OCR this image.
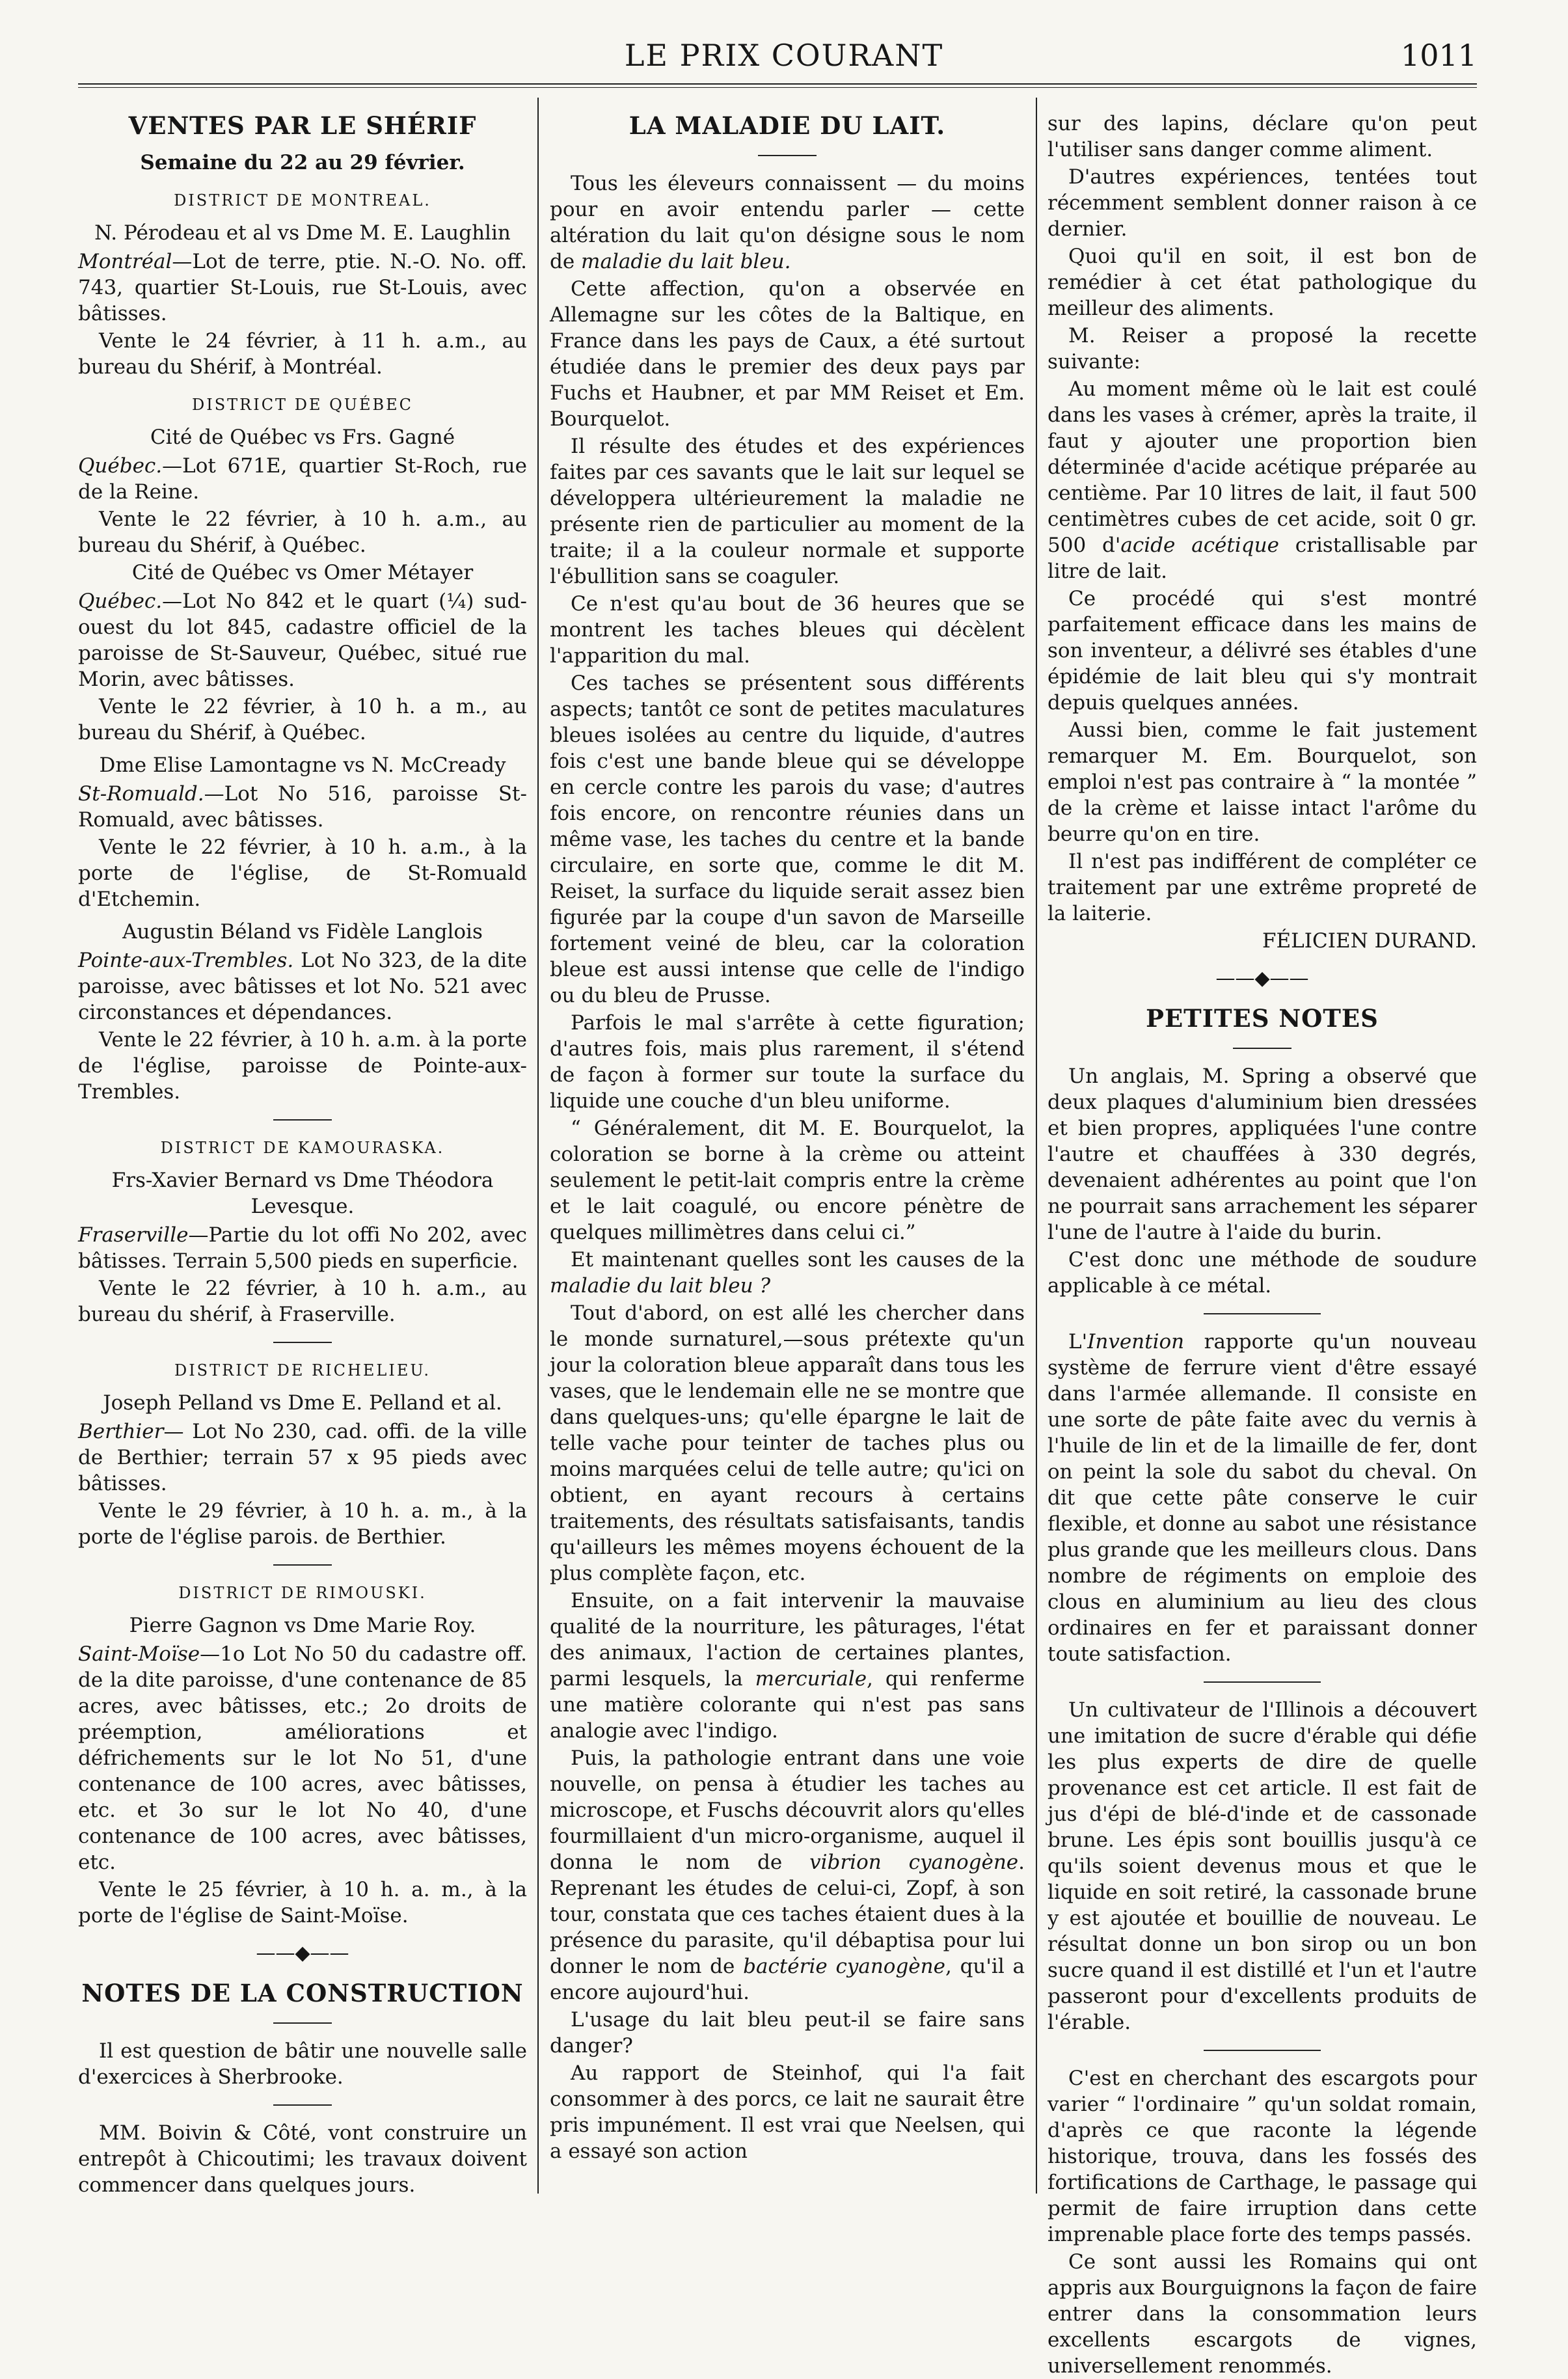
LE PRIX COURANT	1011
VENTES PAR LE SHÉRIF
Semaine du 22 au 29 février.
DISTRICT DE MONTREAL.
N. Pérodeau et al vs Dme M. E. Laughlin

Montréal—Lot de terre, ptie. N.-O. No. off. 743, quartier St-Louis, rue St-Louis, avec bâtisses.

Vente le 24 février, à 11 h. a.m., au bureau du Shérif, à Montréal.

DISTRICT DE QUÉBEC
Cité de Québec vs Frs. Gagné

Québec.—Lot 671E, quartier St-Roch, rue de la Reine.

Vente le 22 février, à 10 h. a.m., au bureau du Shérif, à Québec.

Cité de Québec vs Omer Métayer

Québec.—Lot No 842 et le quart (¼) sud-ouest du lot 845, cadastre officiel de la paroisse de St-Sauveur, Québec, situé rue Morin, avec bâtisses.

Vente le 22 février, à 10 h. a m., au bureau du Shérif, à Québec.

Dme Elise Lamontagne vs N. McCready

St-Romuald.—Lot No 516, paroisse St-Romuald, avec bâtisses.

Vente le 22 février, à 10 h. a.m., à la porte de l'église, de St-Romuald d'Etchemin.

Augustin Béland vs Fidèle Langlois

Pointe-aux-Trembles. Lot No 323, de la dite paroisse, avec bâtisses et lot No. 521 avec circonstances et dépendances.

Vente le 22 février, à 10 h. a.m. à la porte de l'église, paroisse de Pointe-aux-Trembles.

DISTRICT DE KAMOURASKA.
Frs-Xavier Bernard vs Dme Théodora Levesque.

Fraserville—Partie du lot offi No 202, avec bâtisses. Terrain 5,500 pieds en superficie.

Vente le 22 février, à 10 h. a.m., au bureau du shérif, à Fraserville.

DISTRICT DE RICHELIEU.
Joseph Pelland vs Dme E. Pelland et al.

Berthier— Lot No 230, cad. offi. de la ville de Berthier; terrain 57 x 95 pieds avec bâtisses.

Vente le 29 février, à 10 h. a. m., à la porte de l'église parois. de Berthier.

DISTRICT DE RIMOUSKI.
Pierre Gagnon vs Dme Marie Roy.

Saint-Moïse—1o Lot No 50 du cadastre off. de la dite paroisse, d'une contenance de 85 acres, avec bâtisses, etc.; 2o droits de préemption, améliorations et défrichements sur le lot No 51, d'une contenance de 100 acres, avec bâtisses, etc. et 3o sur le lot No 40, d'une contenance de 100 acres, avec bâtisses, etc.

Vente le 25 février, à 10 h. a. m., à la porte de l'église de Saint-Moïse.

——◆——
NOTES DE LA CONSTRUCTION

Il est question de bâtir une nouvelle salle d'exercices à Sherbrooke.

MM. Boivin & Côté, vont construire un entrepôt à Chicoutimi; les travaux doivent commencer dans quelques jours.

LA MALADIE DU LAIT.

Tous les éleveurs connaissent — du moins pour en avoir entendu parler — cette altération du lait qu'on désigne sous le nom de maladie du lait bleu.

Cette affection, qu'on a observée en Allemagne sur les côtes de la Baltique, en France dans les pays de Caux, a été surtout étudiée dans le premier des deux pays par Fuchs et Haubner, et par MM Reiset et Em. Bourquelot.

Il résulte des études et des expériences faites par ces savants que le lait sur lequel se développera ultérieurement la maladie ne présente rien de particulier au moment de la traite; il a la couleur normale et supporte l'ébullition sans se coaguler.

Ce n'est qu'au bout de 36 heures que se montrent les taches bleues qui décèlent l'apparition du mal.

Ces taches se présentent sous différents aspects; tantôt ce sont de petites maculatures bleues isolées au centre du liquide, d'autres fois c'est une bande bleue qui se développe en cercle contre les parois du vase; d'autres fois encore, on rencontre réunies dans un même vase, les taches du centre et la bande circulaire, en sorte que, comme le dit M. Reiset, la surface du liquide serait assez bien figurée par la coupe d'un savon de Marseille fortement veiné de bleu, car la coloration bleue est aussi intense que celle de l'indigo ou du bleu de Prusse.

Parfois le mal s'arrête à cette figuration; d'autres fois, mais plus rarement, il s'étend de façon à former sur toute la surface du liquide une couche d'un bleu uniforme.

“ Généralement, dit M. E. Bourquelot, la coloration se borne à la crème ou atteint seulement le petit-lait compris entre la crème et le lait coagulé, ou encore pénètre de quelques millimètres dans celui ci.”

Et maintenant quelles sont les causes de la maladie du lait bleu ?

Tout d'abord, on est allé les chercher dans le monde surnaturel,—sous prétexte qu'un jour la coloration bleue apparaît dans tous les vases, que le lendemain elle ne se montre que dans quelques-uns; qu'elle épargne le lait de telle vache pour teinter de taches plus ou moins marquées celui de telle autre; qu'ici on obtient, en ayant recours à certains traitements, des résultats satisfaisants, tandis qu'ailleurs les mêmes moyens échouent de la plus complète façon, etc.

Ensuite, on a fait intervenir la mauvaise qualité de la nourriture, les pâturages, l'état des animaux, l'action de certaines plantes, parmi lesquels, la mercuriale, qui renferme une matière colorante qui n'est pas sans analogie avec l'indigo.

Puis, la pathologie entrant dans une voie nouvelle, on pensa à étudier les taches au microscope, et Fuschs découvrit alors qu'elles fourmillaient d'un micro-organisme, auquel il donna le nom de vibrion cyanogène. Reprenant les études de celui-ci, Zopf, à son tour, constata que ces taches étaient dues à la présence du parasite, qu'il débaptisa pour lui donner le nom de bactérie cyanogène, qu'il a encore aujourd'hui.

L'usage du lait bleu peut-il se faire sans danger?

Au rapport de Steinhof, qui l'a fait consommer à des porcs, ce lait ne saurait être pris impunément. Il est vrai que Neelsen, qui a essayé son action

sur des lapins, déclare qu'on peut l'utiliser sans danger comme aliment.

D'autres expériences, tentées tout récemment semblent donner raison à ce dernier.

Quoi qu'il en soit, il est bon de remédier à cet état pathologique du meilleur des aliments.

M. Reiser a proposé la recette suivante:

Au moment même où le lait est coulé dans les vases à crémer, après la traite, il faut y ajouter une proportion bien déterminée d'acide acétique préparée au centième. Par 10 litres de lait, il faut 500 centimètres cubes de cet acide, soit 0 gr. 500 d'acide acétique cristallisable par litre de lait.

Ce procédé qui s'est montré parfaitement efficace dans les mains de son inventeur, a délivré ses étables d'une épidémie de lait bleu qui s'y montrait depuis quelques années.

Aussi bien, comme le fait justement remarquer M. Em. Bourquelot, son emploi n'est pas contraire à “ la montée ” de la crème et laisse intact l'arôme du beurre qu'on en tire.

Il n'est pas indifférent de compléter ce traitement par une extrême propreté de la laiterie.

FÉLICIEN DURAND.

——◆——
PETITES NOTES

Un anglais, M. Spring a observé que deux plaques d'aluminium bien dressées et bien propres, appliquées l'une contre l'autre et chauffées à 330 degrés, devenaient adhérentes au point que l'on ne pourrait sans arrachement les séparer l'une de l'autre à l'aide du burin.

C'est donc une méthode de soudure applicable à ce métal.

L'Invention rapporte qu'un nouveau système de ferrure vient d'être essayé dans l'armée allemande. Il consiste en une sorte de pâte faite avec du vernis à l'huile de lin et de la limaille de fer, dont on peint la sole du sabot du cheval. On dit que cette pâte conserve le cuir flexible, et donne au sabot une résistance plus grande que les meilleurs clous. Dans nombre de régiments on emploie des clous en aluminium au lieu des clous ordinaires en fer et paraissant donner toute satisfaction.

Un cultivateur de l'Illinois a découvert une imitation de sucre d'érable qui défie les plus experts de dire de quelle provenance est cet article. Il est fait de jus d'épi de blé-d'inde et de cassonade brune. Les épis sont bouillis jusqu'à ce qu'ils soient devenus mous et que le liquide en soit retiré, la cassonade brune y est ajoutée et bouillie de nouveau. Le résultat donne un bon sirop ou un bon sucre quand il est distillé et l'un et l'autre passeront pour d'excellents produits de l'érable.

C'est en cherchant des escargots pour varier “ l'ordinaire ” qu'un soldat romain, d'après ce que raconte la légende historique, trouva, dans les fossés des fortifications de Carthage, le passage qui permit de faire irruption dans cette imprenable place forte des temps passés.

Ce sont aussi les Romains qui ont appris aux Bourguignons la façon de faire entrer dans la consommation leurs excellents escargots de vignes, universellement renommés.
